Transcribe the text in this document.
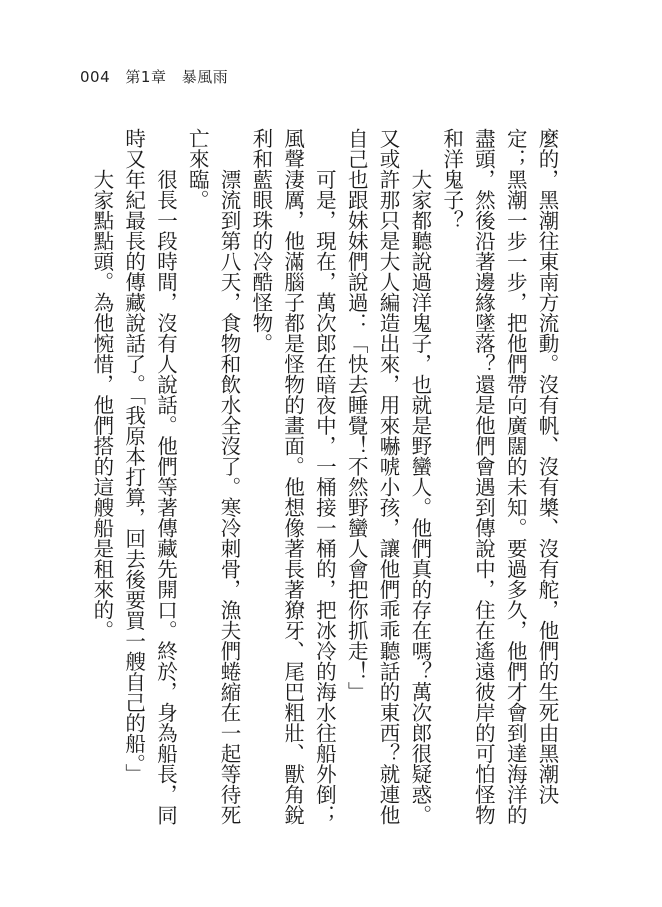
004 第1章 暴風雨

麼的，黑潮往東南方流動。沒有帆、沒有槳、沒有舵，他們的生死由黑潮決定；黑潮一步一步，把他們帶向廣闊的未知。要過多久，他們才會到達海洋的盡頭，然後沿著邊緣墜落？還是他們會遇到傳說中，住在遙遠彼岸的可怕怪物和洋鬼子？

大家都聽說過洋鬼子，也就是野蠻人。他們真的存在嗎？萬次郎很疑惑。又或許那只是大人編造出來，用來嚇唬小孩，讓他們乖乖聽話的東西？就連他自己也跟妹妹們說過：「快去睡覺！不然野蠻人會把你抓走！」

可是，現在，萬次郎在暗夜中，一桶接一桶的，把冰冷的海水往船外倒；風聲淒厲，他滿腦子都是怪物的畫面。他想像著長著獠牙、尾巴粗壯、獸角銳利和藍眼珠的冷酷怪物。

漂流到第八天，食物和飲水全沒了。寒冷刺骨，漁夫們蜷縮在一起等待死亡來臨。

很長一段時間，沒有人說話。他們等著傳藏先開口。終於，身為船長，同時又年紀最長的傳藏說話了。「我原本打算，回去後要買一艘自己的船。」

大家點點頭。為他惋惜，他們搭的這艘船是租來的。
